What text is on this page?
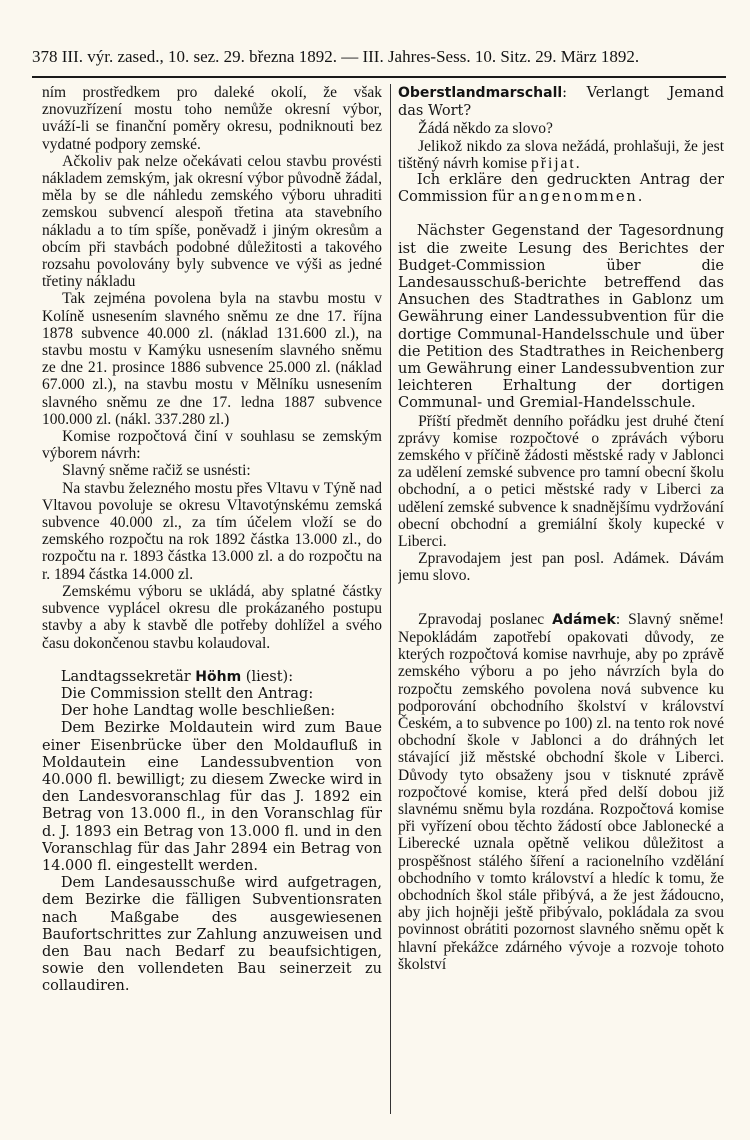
378 III. výr. zased., 10. sez. 29. března 1892. — III. Jahres-Sess. 10. Sitz. 29. März 1892.

ním prostředkem pro daleké okolí, že však znovuzřízení mostu toho nemůže okresní výbor, uváží-li se finanční poměry okresu, podniknouti bez vydatné podpory zemské.

Ačkoliv pak nelze očekávati celou stavbu provésti nákladem zemským, jak okresní výbor původně žádal, měla by se dle náhledu zemského výboru uhraditi zemskou subvencí alespoň třetina ata stavebního nákladu a to tím spíše, poněvadž i jiným okresům a obcím při stavbách podobné důležitosti a takového rozsahu povolovány byly subvence ve výši as jedné třetiny nákladu

Tak zejména povolena byla na stavbu mostu v Kolíně usnesením slavného sněmu ze dne 17. října 1878 subvence 40.000 zl. (náklad 131.600 zl.), na stavbu mostu v Kamýku usnesením slavného sněmu ze dne 21. prosince 1886 subvence 25.000 zl. (náklad 67.000 zl.), na stavbu mostu v Mělníku usnesením slavného sněmu ze dne 17. ledna 1887 subvence 100.000 zl. (nákl. 337.280 zl.)

Komise rozpočtová činí v souhlasu se zemským výborem návrh:

Slavný sněme račiž se usnésti:

Na stavbu železného mostu přes Vltavu v Týně nad Vltavou povoluje se okresu Vltavotýnskému zemská subvence 40.000 zl., za tím účelem vloží se do zemského rozpočtu na rok 1892 částka 13.000 zl., do rozpočtu na r. 1893 částka 13.000 zl. a do rozpočtu na r. 1894 částka 14.000 zl.

Zemskému výboru se ukládá, aby splatné částky subvence vyplácel okresu dle prokázaného postupu stavby a aby k stavbě dle potřeby dohlížel a svého času dokončenou stavbu kolaudoval.

Landtagssekretär Höhm (liest):

Die Commission stellt den Antrag:

Der hohe Landtag wolle beschließen:

Dem Bezirke Moldautein wird zum Baue einer Eisenbrücke über den Moldaufluß in Moldautein eine Landessubvention von 40.000 fl. bewilligt; zu diesem Zwecke wird in den Landesvoranschlag für das J. 1892 ein Betrag von 13.000 fl., in den Voranschlag für d. J. 1893 ein Betrag von 13.000 fl. und in den Voranschlag für das Jahr 2894 ein Betrag von 14.000 fl. eingestellt werden.

Dem Landesausschuße wird aufgetragen, dem Bezirke die fälligen Subventionsraten nach Maßgabe des ausgewiesenen Baufortschrittes zur Zahlung anzuweisen und den Bau nach Bedarf zu beaufsichtigen, sowie den vollendeten Bau seinerzeit zu collaudiren.

Oberstlandmarschall: Verlangt Jemand das Wort?

Žádá někdo za slovo?

Jelikož nikdo za slova nežádá, prohlašuji, že jest tištěný návrh komise přijat.

Ich erkläre den gedruckten Antrag der Commission für angenommen.

Nächster Gegenstand der Tagesordnung ist die zweite Lesung des Berichtes der Budget-Commission über die Landesausschuß-berichte betreffend das Ansuchen des Stadtrathes in Gablonz um Gewährung einer Landessubvention für die dortige Communal-Handelsschule und über die Petition des Stadtrathes in Reichenberg um Gewährung einer Landessubvention zur leichteren Erhaltung der dortigen Communal- und Gremial-Handelsschule.

Příští předmět denního pořádku jest druhé čtení zprávy komise rozpočtové o zprávách výboru zemského v příčině žádosti městské rady v Jablonci za udělení zemské subvence pro tamní obecní školu obchodní, a o petici městské rady v Liberci za udělení zemské subvence k snadnějšímu vydržování obecní obchodní a gremiální školy kupecké v Liberci.

Zpravodajem jest pan posl. Adámek. Dávám jemu slovo.

Zpravodaj poslanec Adámek: Slavný sněme! Nepokládám zapotřebí opakovati důvody, ze kterých rozpočtová komise navrhuje, aby po zprávě zemského výboru a po jeho návrzích byla do rozpočtu zemského povolena nová subvence ku podporování obchodního školství v království Českém, a to subvence po 100) zl. na tento rok nové obchodní škole v Jablonci a do dráhných let stávající již městské obchodní škole v Liberci. Důvody tyto obsaženy jsou v tisknuté zprávě rozpočtové komise, která před delší dobou již slavnému sněmu byla rozdána. Rozpočtová komise při vyřízení obou těchto žádostí obce Jablonecké a Liberecké uznala opětně velikou důležitost a prospěšnost stálého šíření a racionelního vzdělání obchodního v tomto království a hledíc k tomu, že obchodních škol stále přibývá, a že jest žádoucno, aby jich hojněji ještě přibývalo, pokládala za svou povinnost obrátiti pozornost slavného sněmu opět k hlavní překážce zdárného vývoje a rozvoje tohoto školství
